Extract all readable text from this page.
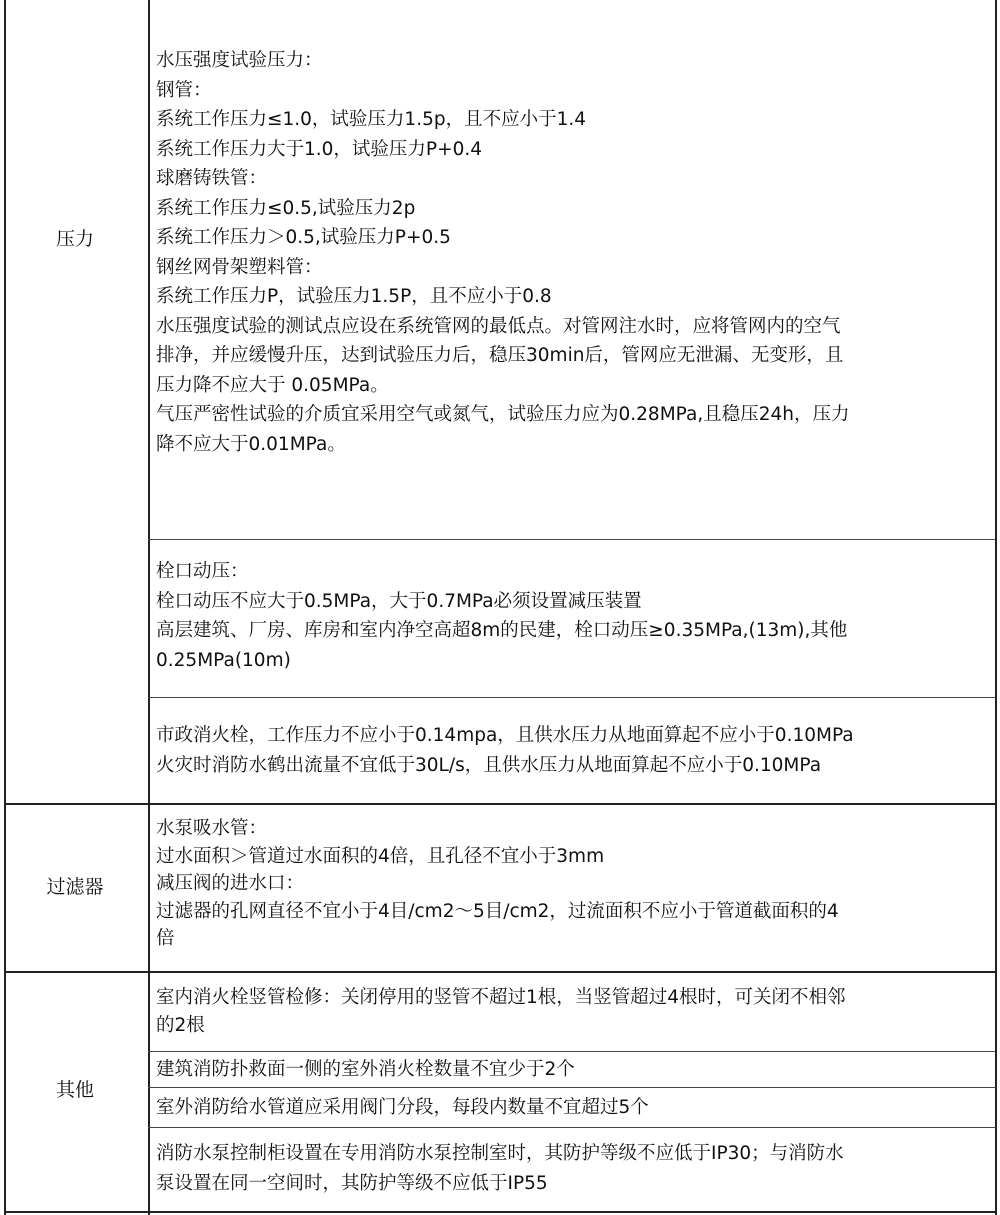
压力
过滤器
其他
水压强度试验压力：
钢管：
系统工作压力≤1.0，试验压力1.5p，且不应小于1.4
系统工作压力大于1.0，试验压力P+0.4
球磨铸铁管：
系统工作压力≤0.5,试验压力2p
系统工作压力＞0.5,试验压力P+0.5
钢丝网骨架塑料管：
系统工作压力P，试验压力1.5P，且不应小于0.8
水压强度试验的测试点应设在系统管网的最低点。对管网注水时，应将管网内的空气
排净，并应缓慢升压，达到试验压力后，稳压30min后，管网应无泄漏、无变形，且
压力降不应大于 0.05MPa。
气压严密性试验的介质宜采用空气或氮气，试验压力应为0.28MPa,且稳压24h，压力
降不应大于0.01MPa。
栓口动压：
栓口动压不应大于0.5MPa，大于0.7MPa必须设置减压装置
高层建筑、厂房、库房和室内净空高超8m的民建，栓口动压≥0.35MPa,(13m),其他
0.25MPa(10m)
市政消火栓，工作压力不应小于0.14mpa，且供水压力从地面算起不应小于0.10MPa
火灾时消防水鹤出流量不宜低于30L/s，且供水压力从地面算起不应小于0.10MPa
水泵吸水管：
过水面积＞管道过水面积的4倍，且孔径不宜小于3mm
减压阀的进水口：
过滤器的孔网直径不宜小于4目/cm2～5目/cm2，过流面积不应小于管道截面积的4
倍
室内消火栓竖管检修：关闭停用的竖管不超过1根，当竖管超过4根时，可关闭不相邻
的2根
建筑消防扑救面一侧的室外消火栓数量不宜少于2个
室外消防给水管道应采用阀门分段，每段内数量不宜超过5个
消防水泵控制柜设置在专用消防水泵控制室时，其防护等级不应低于IP30；与消防水
泵设置在同一空间时，其防护等级不应低于IP55
